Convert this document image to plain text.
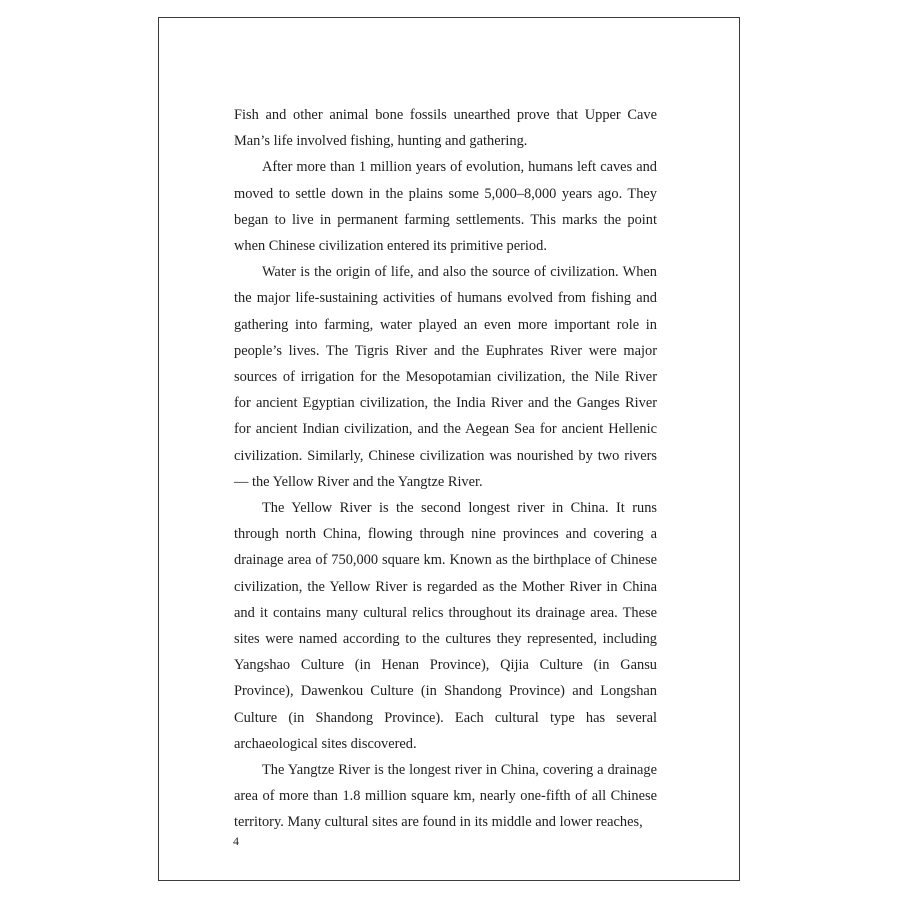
Fish and other animal bone fossils unearthed prove that Upper Cave Man’s life involved fishing, hunting and gathering.

After more than 1 million years of evolution, humans left caves and moved to settle down in the plains some 5,000–8,000 years ago. They began to live in permanent farming settlements. This marks the point when Chinese civilization entered its primitive period.

Water is the origin of life, and also the source of civilization. When the major life-sustaining activities of humans evolved from fishing and gathering into farming, water played an even more important role in people’s lives. The Tigris River and the Euphrates River were major sources of irrigation for the Mesopotamian civilization, the Nile River for ancient Egyptian civilization, the India River and the Ganges River for ancient Indian civilization, and the Aegean Sea for ancient Hellenic civilization. Similarly, Chinese civilization was nourished by two rivers — the Yellow River and the Yangtze River.

The Yellow River is the second longest river in China. It runs through north China, flowing through nine provinces and covering a drainage area of 750,000 square km. Known as the birthplace of Chinese civilization, the Yellow River is regarded as the Mother River in China and it contains many cultural relics throughout its drainage area. These sites were named according to the cultures they represented, including Yangshao Culture (in Henan Province), Qijia Culture (in Gansu Province), Dawenkou Culture (in Shandong Province) and Longshan Culture (in Shandong Province). Each cultural type has several archaeological sites discovered.

The Yangtze River is the longest river in China, covering a drainage area of more than 1.8 million square km, nearly one-fifth of all Chinese territory. Many cultural sites are found in its middle and lower reaches,

4
